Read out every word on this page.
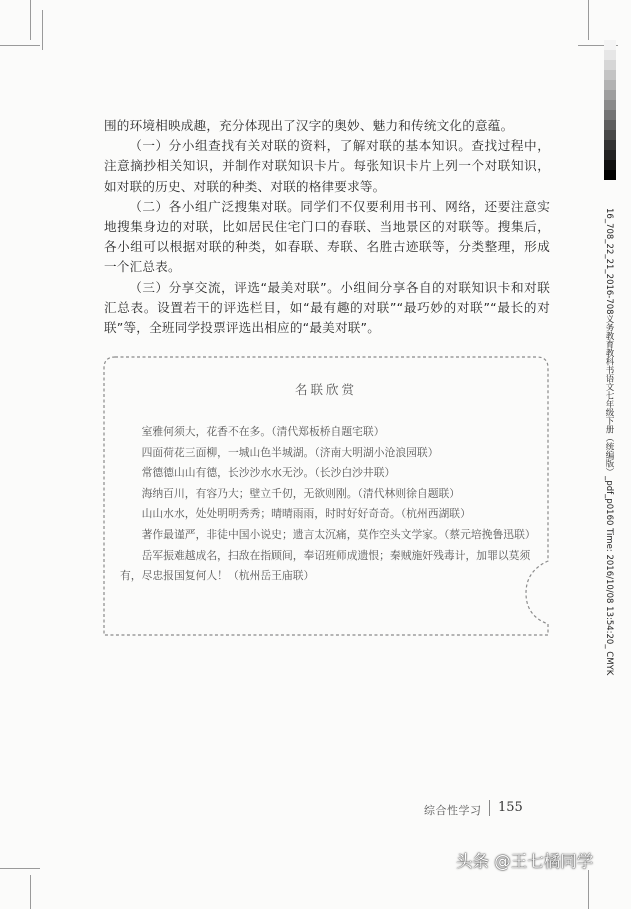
围的环境相映成趣，充分体现出了汉字的奥妙、魅力和传统文化的意蕴。

（一）分小组查找有关对联的资料，了解对联的基本知识。查找过程中，注意摘抄相关知识，并制作对联知识卡片。每张知识卡片上列一个对联知识，如对联的历史、对联的种类、对联的格律要求等。

（二）各小组广泛搜集对联。同学们不仅要利用书刊、网络，还要注意实地搜集身边的对联，比如居民住宅门口的春联、当地景区的对联等。搜集后，各小组可以根据对联的种类，如春联、寿联、名胜古迹联等，分类整理，形成一个汇总表。

（三）分享交流，评选“最美对联”。小组间分享各自的对联知识卡和对联汇总表。设置若干的评选栏目，如“最有趣的对联”“最巧妙的对联”“最长的对联”等，全班同学投票评选出相应的“最美对联”。

名联欣赏

室雅何须大，花香不在多。（清代郑板桥自题宅联）

四面荷花三面柳，一城山色半城湖。（济南大明湖小沧浪园联）

常德德山山有德，长沙沙水水无沙。（长沙白沙井联）

海纳百川，有容乃大；壁立千仞，无欲则刚。（清代林则徐自题联）

山山水水，处处明明秀秀；晴晴雨雨，时时好好奇奇。（杭州西湖联）

著作最谨严，非徒中国小说史；遗言太沉痛，莫作空头文学家。（蔡元培挽鲁迅联）

岳军振难越成名，扫敌在指顾间，奉诏班师成遗恨；秦贼施奸残毒计，加罪以莫须有，尽忠报国复何人！（杭州岳王庙联）	16_708_22_21_2016-708义务教育教科书语文七年级下册（统编版）_pdf_p0160 Time: 2016/10/08 13:54:20_ CMYK
综合性学习 155
头条 @王七橘同学
